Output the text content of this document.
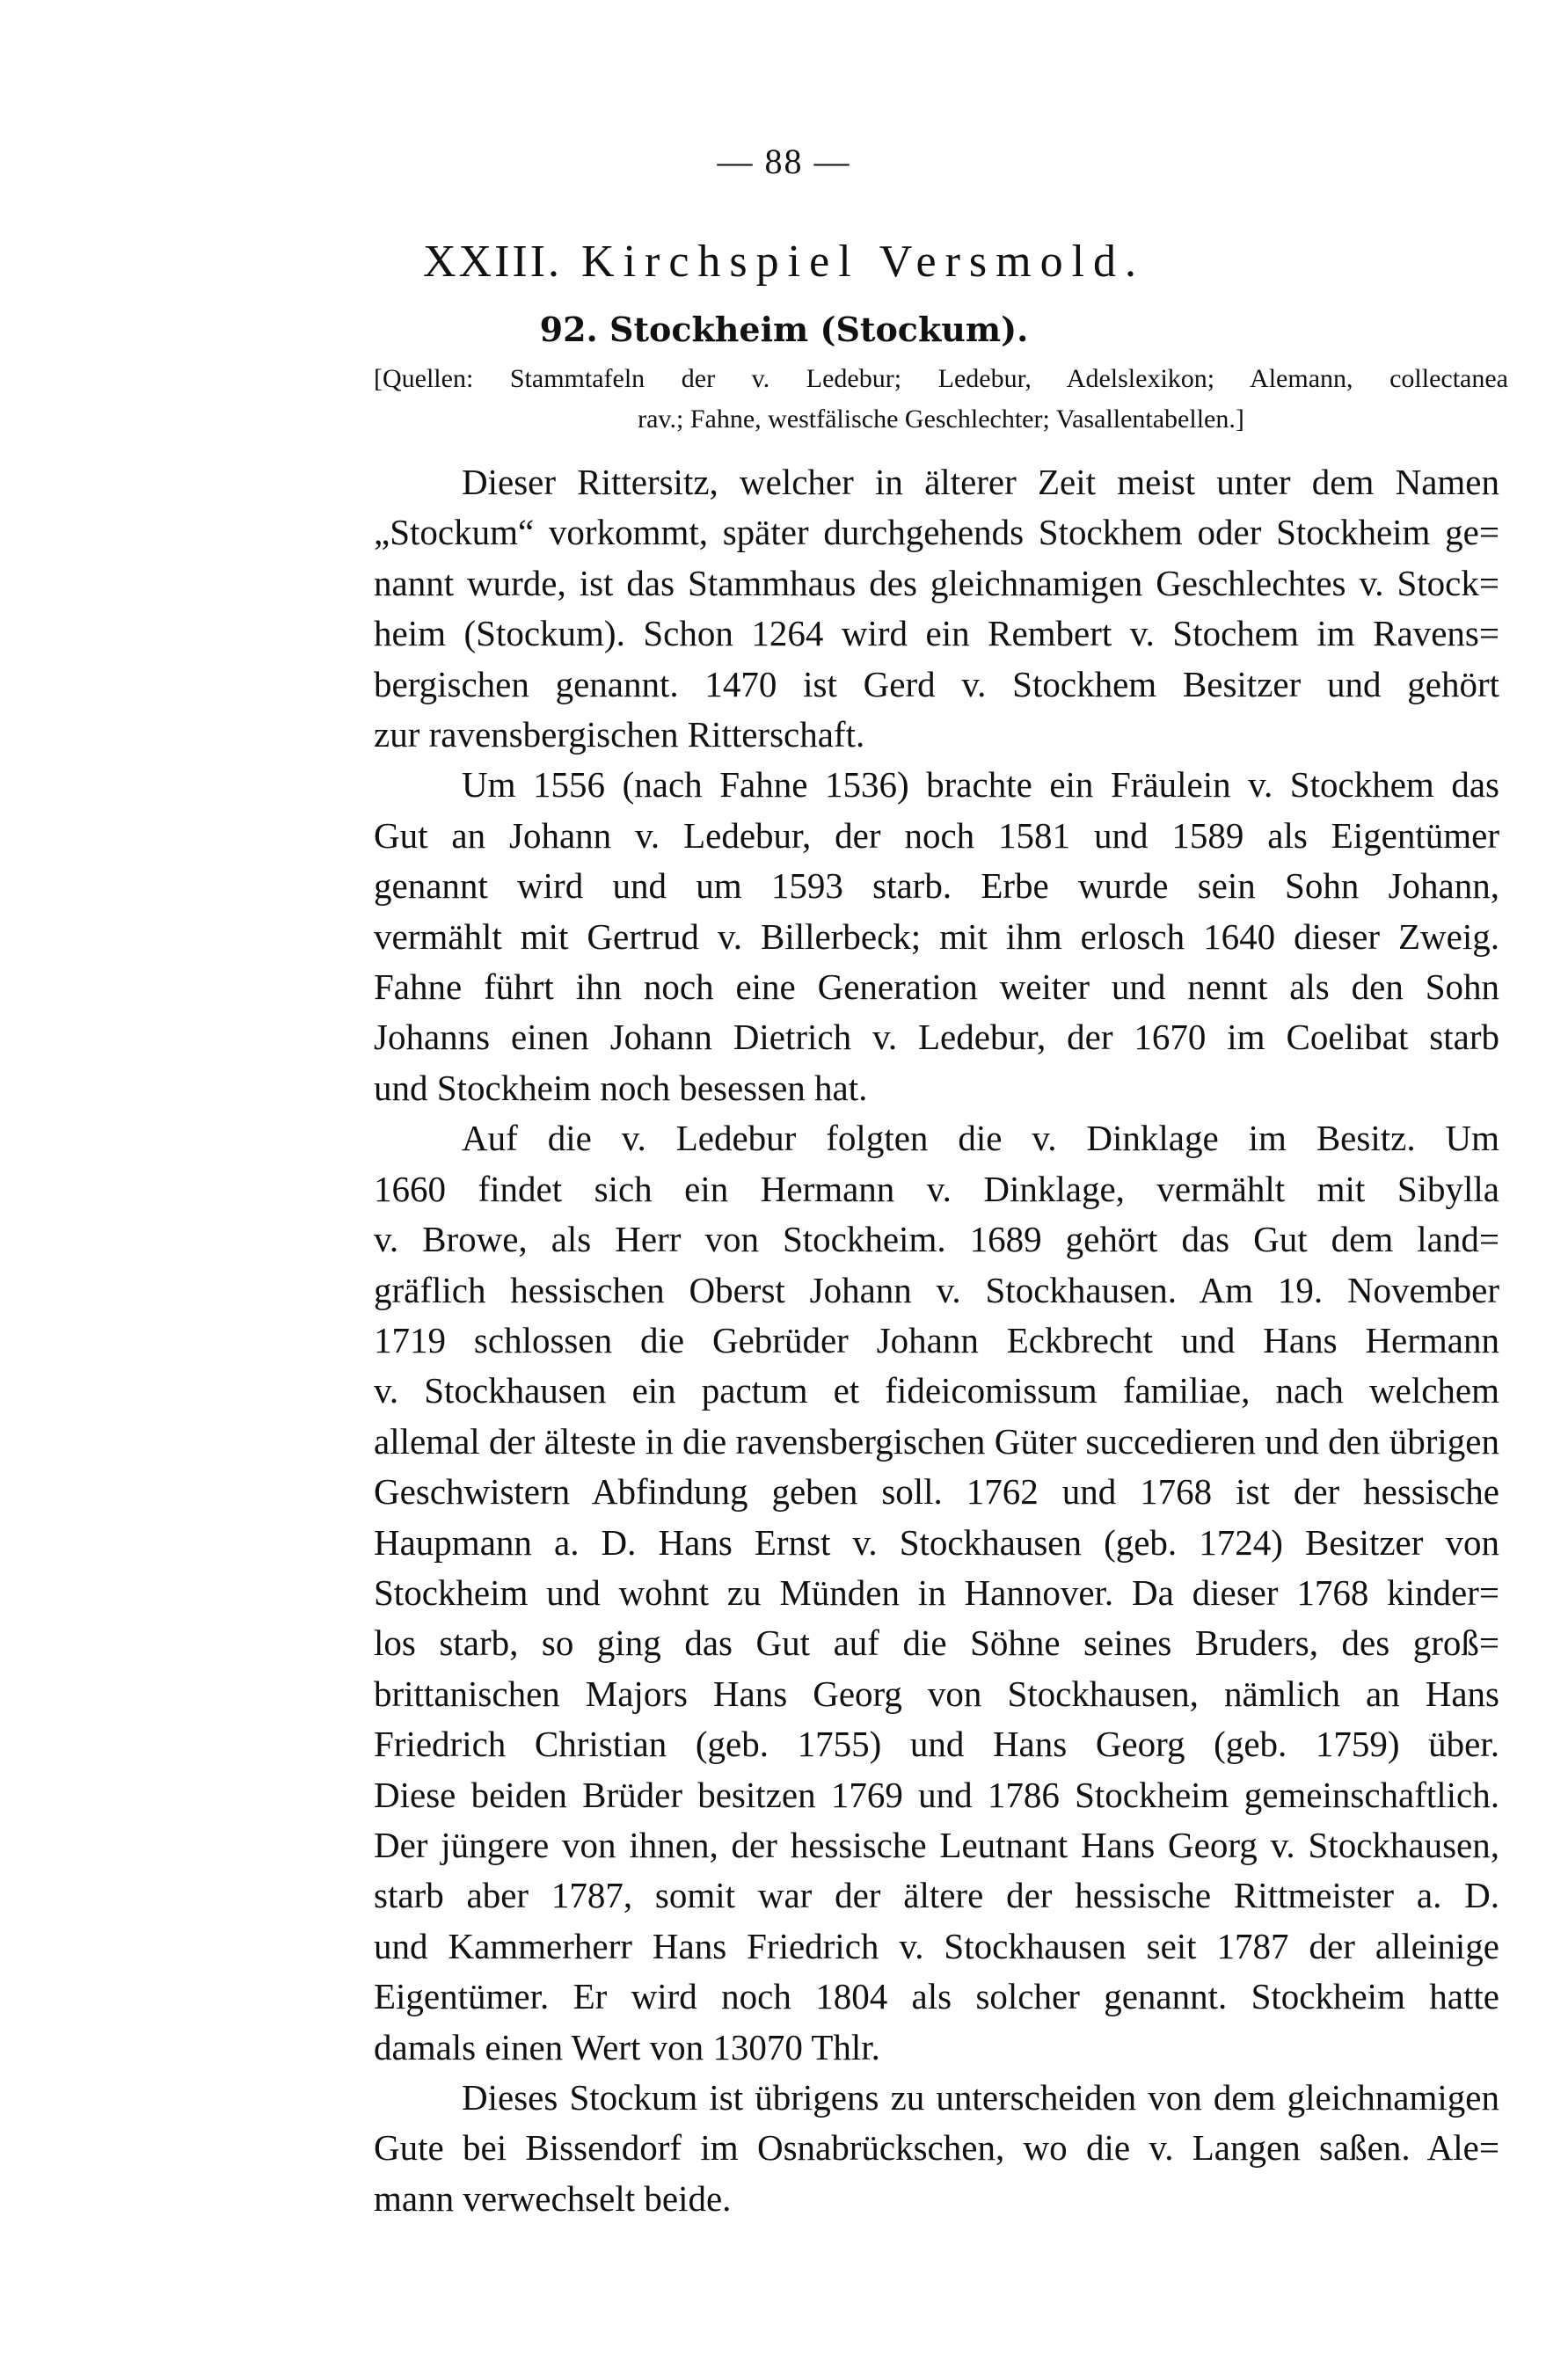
— 88 —
XXIII. Kirchspiel Versmold.
92. Stockheim (Stockum).
[Quellen: Stammtafeln der v. Ledebur; Ledebur, Adelslexikon; Alemann, collectanea
rav.; Fahne, westfälische Geschlechter; Vasallentabellen.]
Dieser Rittersitz, welcher in älterer Zeit meist unter dem Namen
„Stockum“ vorkommt, später durchgehends Stockhem oder Stockheim ge=
nannt wurde, ist das Stammhaus des gleichnamigen Geschlechtes v. Stock=
heim (Stockum). Schon 1264 wird ein Rembert v. Stochem im Ravens=
bergischen genannt. 1470 ist Gerd v. Stockhem Besitzer und gehört
zur ravensbergischen Ritterschaft.
Um 1556 (nach Fahne 1536) brachte ein Fräulein v. Stockhem das
Gut an Johann v. Ledebur, der noch 1581 und 1589 als Eigentümer
genannt wird und um 1593 starb. Erbe wurde sein Sohn Johann,
vermählt mit Gertrud v. Billerbeck; mit ihm erlosch 1640 dieser Zweig.
Fahne führt ihn noch eine Generation weiter und nennt als den Sohn
Johanns einen Johann Dietrich v. Ledebur, der 1670 im Coelibat starb
und Stockheim noch besessen hat.
Auf die v. Ledebur folgten die v. Dinklage im Besitz. Um
1660 findet sich ein Hermann v. Dinklage, vermählt mit Sibylla
v. Browe, als Herr von Stockheim. 1689 gehört das Gut dem land=
gräflich hessischen Oberst Johann v. Stockhausen. Am 19. November
1719 schlossen die Gebrüder Johann Eckbrecht und Hans Hermann
v. Stockhausen ein pactum et fideicomissum familiae, nach welchem
allemal der älteste in die ravensbergischen Güter succedieren und den übrigen
Geschwistern Abfindung geben soll. 1762 und 1768 ist der hessische
Haupmann a. D. Hans Ernst v. Stockhausen (geb. 1724) Besitzer von
Stockheim und wohnt zu Münden in Hannover. Da dieser 1768 kinder=
los starb, so ging das Gut auf die Söhne seines Bruders, des groß=
brittanischen Majors Hans Georg von Stockhausen, nämlich an Hans
Friedrich Christian (geb. 1755) und Hans Georg (geb. 1759) über.
Diese beiden Brüder besitzen 1769 und 1786 Stockheim gemeinschaftlich.
Der jüngere von ihnen, der hessische Leutnant Hans Georg v. Stockhausen,
starb aber 1787, somit war der ältere der hessische Rittmeister a. D.
und Kammerherr Hans Friedrich v. Stockhausen seit 1787 der alleinige
Eigentümer. Er wird noch 1804 als solcher genannt. Stockheim hatte
damals einen Wert von 13070 Thlr.
Dieses Stockum ist übrigens zu unterscheiden von dem gleichnamigen
Gute bei Bissendorf im Osnabrückschen, wo die v. Langen saßen. Ale=
mann verwechselt beide.
